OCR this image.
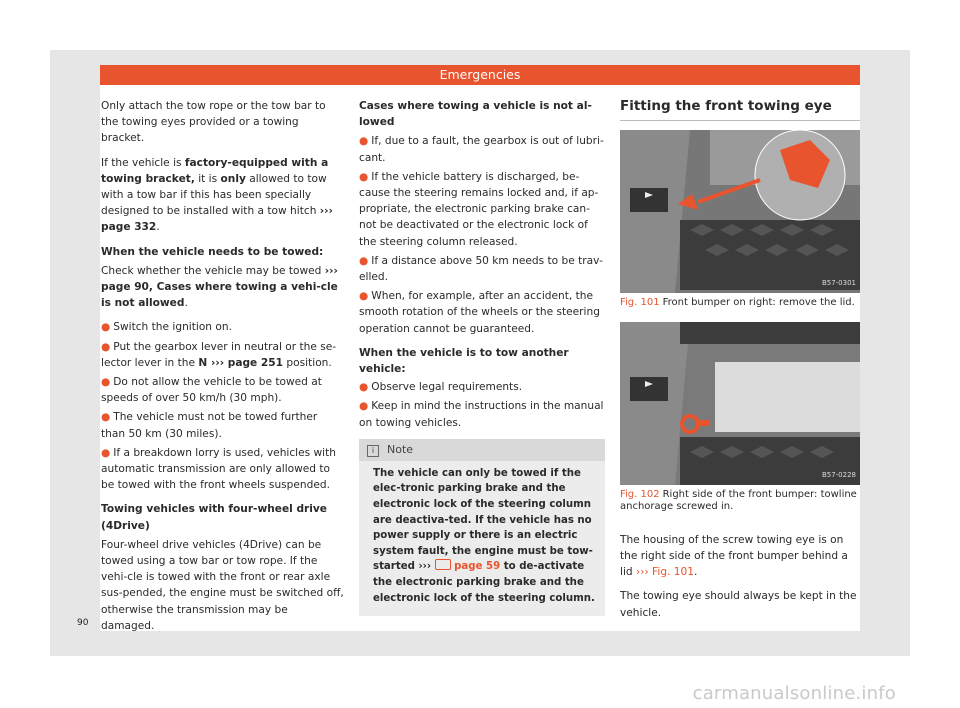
Emergencies

Only attach the tow rope or the tow bar to the towing eyes provided or a towing bracket.

If the vehicle is factory-equipped with a towing bracket, it is only allowed to tow with a tow bar if this has been specially designed to be installed with a tow hitch ››› page 332.

When the vehicle needs to be towed:

Check whether the vehicle may be towed ››› page 90, Cases where towing a vehi-cle is not allowed.

● Switch the ignition on.
● Put the gearbox lever in neutral or the se-lector lever in the N ››› page 251 position.
● Do not allow the vehicle to be towed at speeds of over 50 km/h (30 mph).
● The vehicle must not be towed further than 50 km (30 miles).
● If a breakdown lorry is used, vehicles with automatic transmission are only allowed to be towed with the front wheels suspended.

Towing vehicles with four-wheel drive (4Drive)

Four-wheel drive vehicles (4Drive) can be towed using a tow bar or tow rope. If the vehi-cle is towed with the front or rear axle sus-pended, the engine must be switched off, otherwise the transmission may be damaged.

Cases where towing a vehicle is not al-lowed

● If, due to a fault, the gearbox is out of lubri-cant.
● If the vehicle battery is discharged, be-cause the steering remains locked and, if ap-propriate, the electronic parking brake can-not be deactivated or the electronic lock of the steering column released.
● If a distance above 50 km needs to be trav-elled.
● When, for example, after an accident, the smooth rotation of the wheels or the steering operation cannot be guaranteed.

When the vehicle is to tow another vehicle:

● Observe legal requirements.
● Keep in mind the instructions in the manual on towing vehicles.
i Note
The vehicle can only be towed if the elec-tronic parking brake and the electronic lock of the steering column are deactiva-ted. If the vehicle has no power supply or there is an electric system fault, the engine must be tow-started ›››  page 59 to de-activate the electronic parking brake and the electronic lock of the steering column.
Fitting the front towing eye
B57-0301
Fig. 101 Front bumper on right: remove the lid.
B57-0228
Fig. 102 Right side of the front bumper: towline anchorage screwed in.

The housing of the screw towing eye is on the right side of the front bumper behind a lid ››› Fig. 101.

The towing eye should always be kept in the vehicle.

90
carmanualsonline.info
